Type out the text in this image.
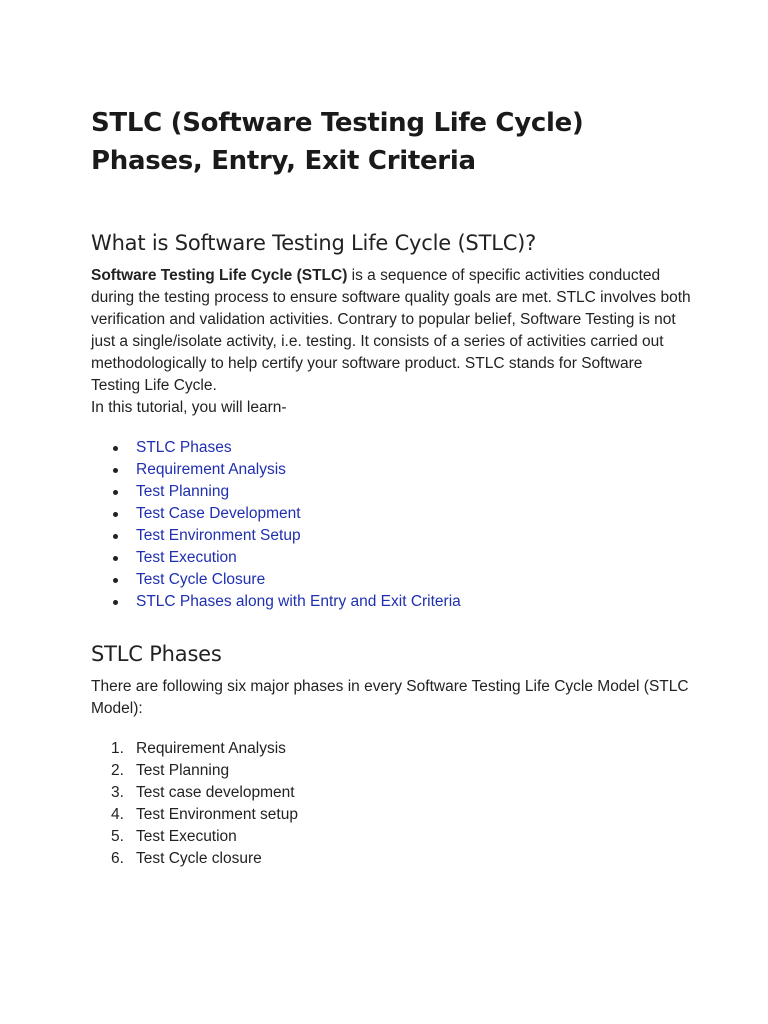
STLC (Software Testing Life Cycle) Phases, Entry, Exit Criteria
What is Software Testing Life Cycle (STLC)?

Software Testing Life Cycle (STLC) is a sequence of specific activities conducted during the testing process to ensure software quality goals are met. STLC involves both verification and validation activities. Contrary to popular belief, Software Testing is not just a single/isolate activity, i.e. testing. It consists of a series of activities carried out methodologically to help certify your software product. STLC stands for Software Testing Life Cycle.
In this tutorial, you will learn-

STLC Phases
Requirement Analysis
Test Planning
Test Case Development
Test Environment Setup
Test Execution
Test Cycle Closure
STLC Phases along with Entry and Exit Criteria
STLC Phases

There are following six major phases in every Software Testing Life Cycle Model (STLC Model):

1. Requirement Analysis
2. Test Planning
3. Test case development
4. Test Environment setup
5. Test Execution
6. Test Cycle closure
